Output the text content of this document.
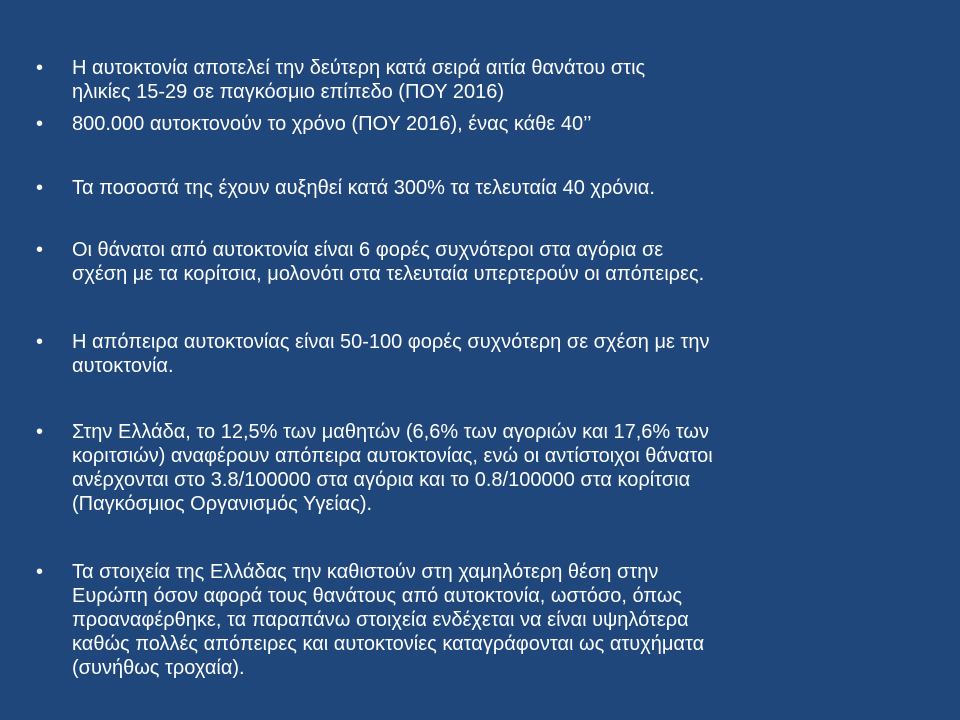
•	Η αυτοκτονία αποτελεί την δεύτερη κατά σειρά αιτία θανάτου στις
ηλικίες 15-29 σε παγκόσμιο επίπεδο (ΠΟΥ 2016)
•	800.000 αυτοκτονούν το χρόνο (ΠΟΥ 2016), ένας κάθε 40’’
•	Τα ποσοστά της έχουν αυξηθεί κατά 300% τα τελευταία 40 χρόνια.
•	Οι θάνατοι από αυτοκτονία είναι 6 φορές συχνότεροι στα αγόρια σε
σχέση με τα κορίτσια, μολονότι στα τελευταία υπερτερούν οι απόπειρες.
•	Η απόπειρα αυτοκτονίας είναι 50-100 φορές συχνότερη σε σχέση με την
αυτοκτονία.
•	Στην Ελλάδα, το 12,5% των μαθητών (6,6% των αγοριών και 17,6% των
κοριτσιών) αναφέρουν απόπειρα αυτοκτονίας, ενώ οι αντίστοιχοι θάνατοι
ανέρχονται στο 3.8/100000 στα αγόρια και το 0.8/100000 στα κορίτσια
(Παγκόσμιος Οργανισμός Υγείας).
•	Τα στοιχεία της Ελλάδας την καθιστούν στη χαμηλότερη θέση στην
Ευρώπη όσον αφορά τους θανάτους από αυτοκτονία, ωστόσο, όπως
προαναφέρθηκε, τα παραπάνω στοιχεία ενδέχεται να είναι υψηλότερα
καθώς πολλές απόπειρες και αυτοκτονίες καταγράφονται ως ατυχήματα
(συνήθως τροχαία).
